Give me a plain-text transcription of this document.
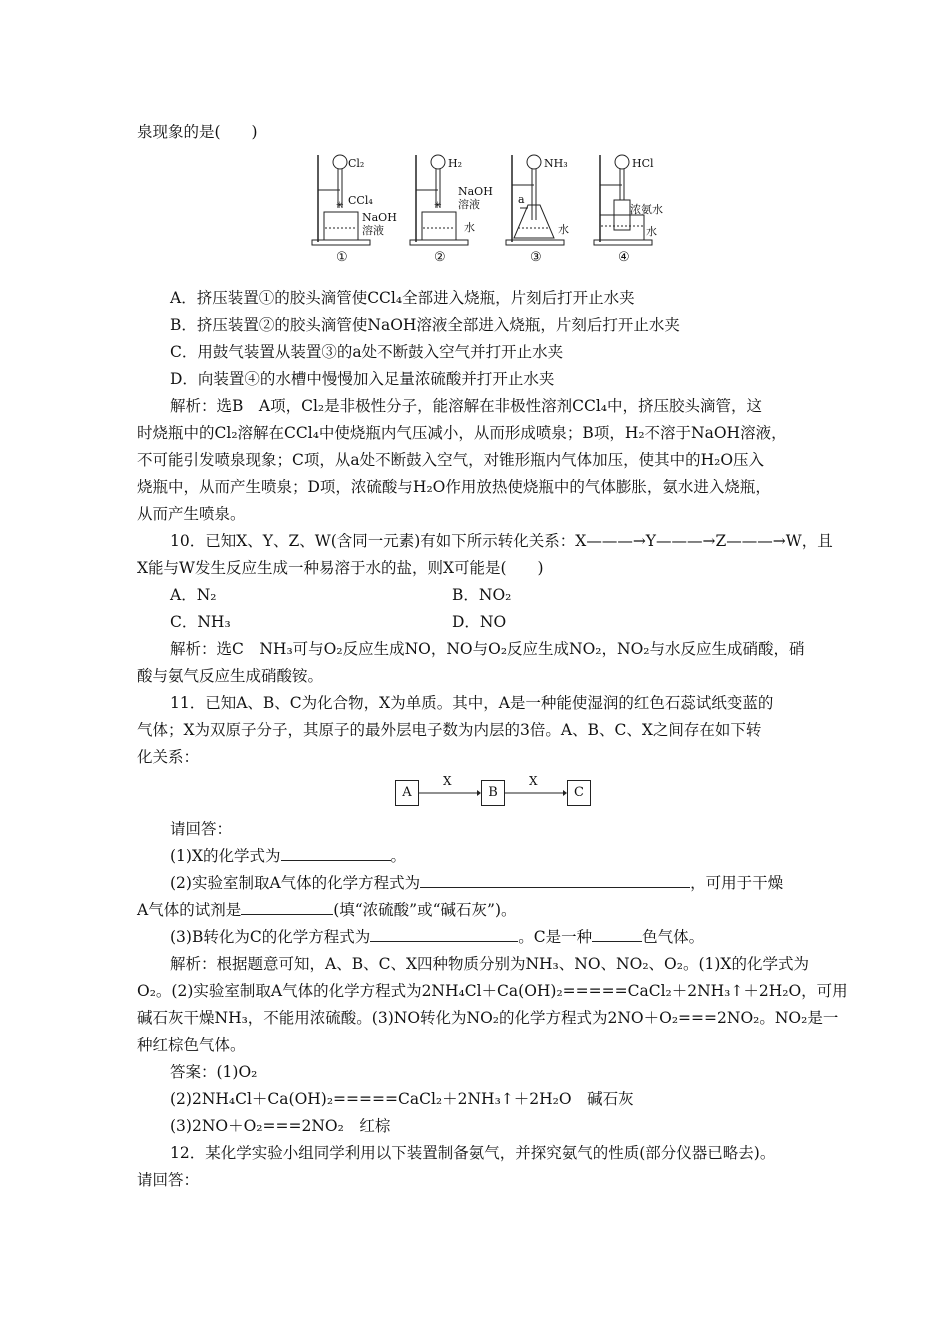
泉现象的是(　　)
✳
Cl₂
CCl₄
NaOH
溶液
①
✳
H₂
NaOH
溶液
水
②
NH₃
a
水
③
HCl
浓氨水
水
④
A．挤压装置①的胶头滴管使CCl₄全部进入烧瓶，片刻后打开止水夹
B．挤压装置②的胶头滴管使NaOH溶液全部进入烧瓶，片刻后打开止水夹
C．用鼓气装置从装置③的a处不断鼓入空气并打开止水夹
D．向装置④的水槽中慢慢加入足量浓硫酸并打开止水夹
解析：选B　A项，Cl₂是非极性分子，能溶解在非极性溶剂CCl₄中，挤压胶头滴管，这
时烧瓶中的Cl₂溶解在CCl₄中使烧瓶内气压减小，从而形成喷泉；B项，H₂不溶于NaOH溶液，
不可能引发喷泉现象；C项，从a处不断鼓入空气，对锥形瓶内气体加压，使其中的H₂O压入
烧瓶中，从而产生喷泉；D项，浓硫酸与H₂O作用放热使烧瓶中的气体膨胀，氨水进入烧瓶，
从而产生喷泉。
10．已知X、Y、Z、W(含同一元素)有如下所示转化关系：X———→Y———→Z———→W，且
X能与W发生反应生成一种易溶于水的盐，则X可能是(　　)
A．N₂	B．NO₂
C．NH₃	D．NO
解析：选C　NH₃可与O₂反应生成NO，NO与O₂反应生成NO₂，NO₂与水反应生成硝酸，硝
酸与氨气反应生成硝酸铵。
11．已知A、B、C为化合物，X为单质。其中，A是一种能使湿润的红色石蕊试纸变蓝的
气体；X为双原子分子，其原子的最外层电子数为内层的3倍。A、B、C、X之间存在如下转
化关系：
A
X
B
X
C
请回答：
(1)X的化学式为	。
(2)实验室制取A气体的化学方程式为	，可用于干燥
A气体的试剂是	(填“浓硫酸”或“碱石灰”)。
(3)B转化为C的化学方程式为	。C是一种	色气体。
解析：根据题意可知，A、B、C、X四种物质分别为NH₃、NO、NO₂、O₂。(1)X的化学式为
O₂。(2)实验室制取A气体的化学方程式为2NH₄Cl＋Ca(OH)₂=====CaCl₂＋2NH₃↑＋2H₂O，可用
碱石灰干燥NH₃，不能用浓硫酸。(3)NO转化为NO₂的化学方程式为2NO＋O₂===2NO₂。NO₂是一
种红棕色气体。
答案：(1)O₂
(2)2NH₄Cl＋Ca(OH)₂=====CaCl₂＋2NH₃↑＋2H₂O　碱石灰
(3)2NO＋O₂===2NO₂　红棕
12．某化学实验小组同学利用以下装置制备氨气，并探究氨气的性质(部分仪器已略去)。
请回答：
